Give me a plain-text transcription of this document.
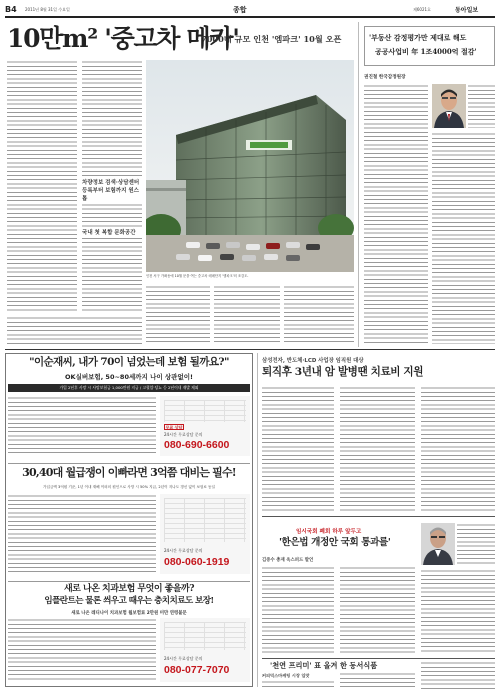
B4 2011년 8월 31일 수요일	종합	제6021호	동아일보
10만m² '중고차 메카'
7000대 규모 인천 '엠파크' 10월 오픈
인천 서구 가좌동에 10월 문을 여는 중고차 매매단지 '엠파크'의 조감도.
차량정보 검색·상담센터
등록부터 보험까지 원스톱
국내 첫 복합 문화공간
'부동산 감정평가만 제대로 해도
공공사업비 年 1조4000억 절감'
권진철 한국감정원장
"이순재씨, 내가 70이 넘었는데 보험 될까요?"
OK실버보험, 50~80세까지 나이 상관없이!
가입 2년후 사망 시 사망보험금 1,000만원 지급 / 고혈압·당뇨 등 2년이내 재발 제외
무료 상담
24시간 무료상담 문의
080-690-6600
30,40대 월급쟁이 이빠라면 3억쯤 대비는 필수!
가입금액 3억원 기준, 1년 이내 재해 이외의 원인으로 사망 시 50% 지급, 2년이 지나도 갱신 없이 보험료 동일
24시간 무료상담 문의
080-060-1919
새로 나온 치과보험 무엇이 좋을까?
임플란트는 물론 씌우고 때우는 충치치료도 보장!
새로 나온 레디나이 치과보험 월보험료 2만원 미만 연령불문
24시간 무료상담 문의
080-077-7070
삼성전자, 반도체·LCD 사업장 임직원 대상
퇴직후 3년내 암 발병땐 치료비 지원
임시국회 폐회 하루 앞두고
'한은법 개정안 국회 통과를'
김중수 총재 옥스퍼드 발언
'천연 프리미' 표 올겨 한 동서식품
커피믹스마케팅 시장 입맛
